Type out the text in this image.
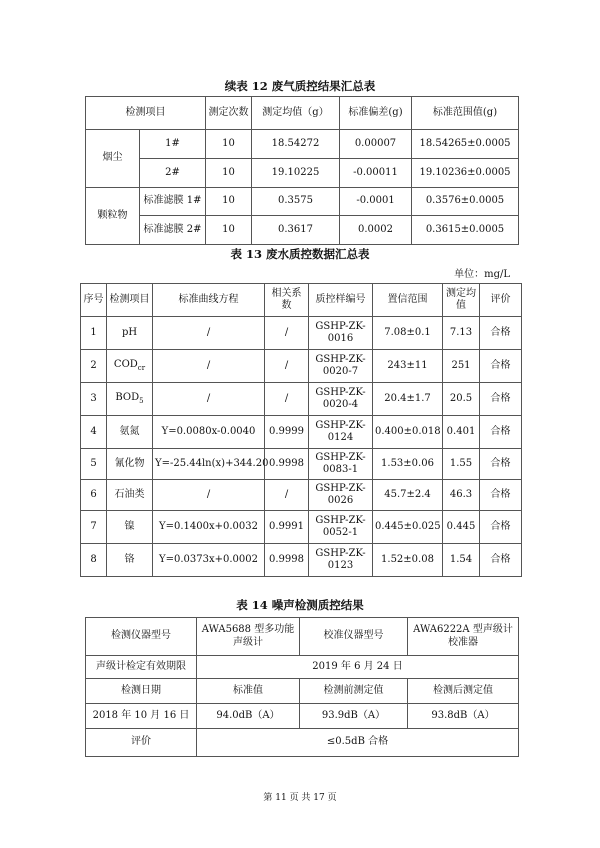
续表 12 废气质控结果汇总表
检测项目		测定次数	测定均值（g）	标准偏差(g)	标准范围值(g)
烟尘	1#	10	18.54272	0.00007	18.54265±0.0005
	2#	10	19.10225	-0.00011	19.10236±0.0005
颗粒物	标准滤膜 1#	10	0.3575	-0.0001	0.3576±0.0005
	标准滤膜 2#	10	0.3617	0.0002	0.3615±0.0005
表 13 废水质控数据汇总表
单位：mg/L
序号	检测项目	标准曲线方程	相关系数	质控样编号	置信范围	测定均值	评价
1	pH	/	/	GSHP-ZK-0016	7.08±0.1	7.13	合格
2	$COD_{cr}$	/	/	GSHP-ZK-0020-7	243±11	251	合格
3	$BOD_5$	/	/	GSHP-ZK-0020-4	20.4±1.7	20.5	合格
4	氨氮	Y=0.0080x-0.0040	0.9999	GSHP-ZK-0124	0.400±0.018	0.401	合格
5	氰化物	Y=-25.44ln(x)+344.20	0.9998	GSHP-ZK-0083-1	1.53±0.06	1.55	合格
6	石油类	/	/	GSHP-ZK-0026	45.7±2.4	46.3	合格
7	镍	Y=0.1400x+0.0032	0.9991	GSHP-ZK-0052-1	0.445±0.025	0.445	合格
8	铬	Y=0.0373x+0.0002	0.9998	GSHP-ZK-0123	1.52±0.08	1.54	合格
表 14 噪声检测质控结果
检测仪器型号	AWA5688 型多功能声级计	校准仪器型号	AWA6222A 型声级计校准器
声级计检定有效期限	2019 年 6 月 24 日		
检测日期	标准值	检测前测定值	检测后测定值
2018 年 10 月 16 日	94.0dB（A）	93.9dB（A）	93.8dB（A）
评价	≤0.5dB 合格		
第 11 页 共 17 页
